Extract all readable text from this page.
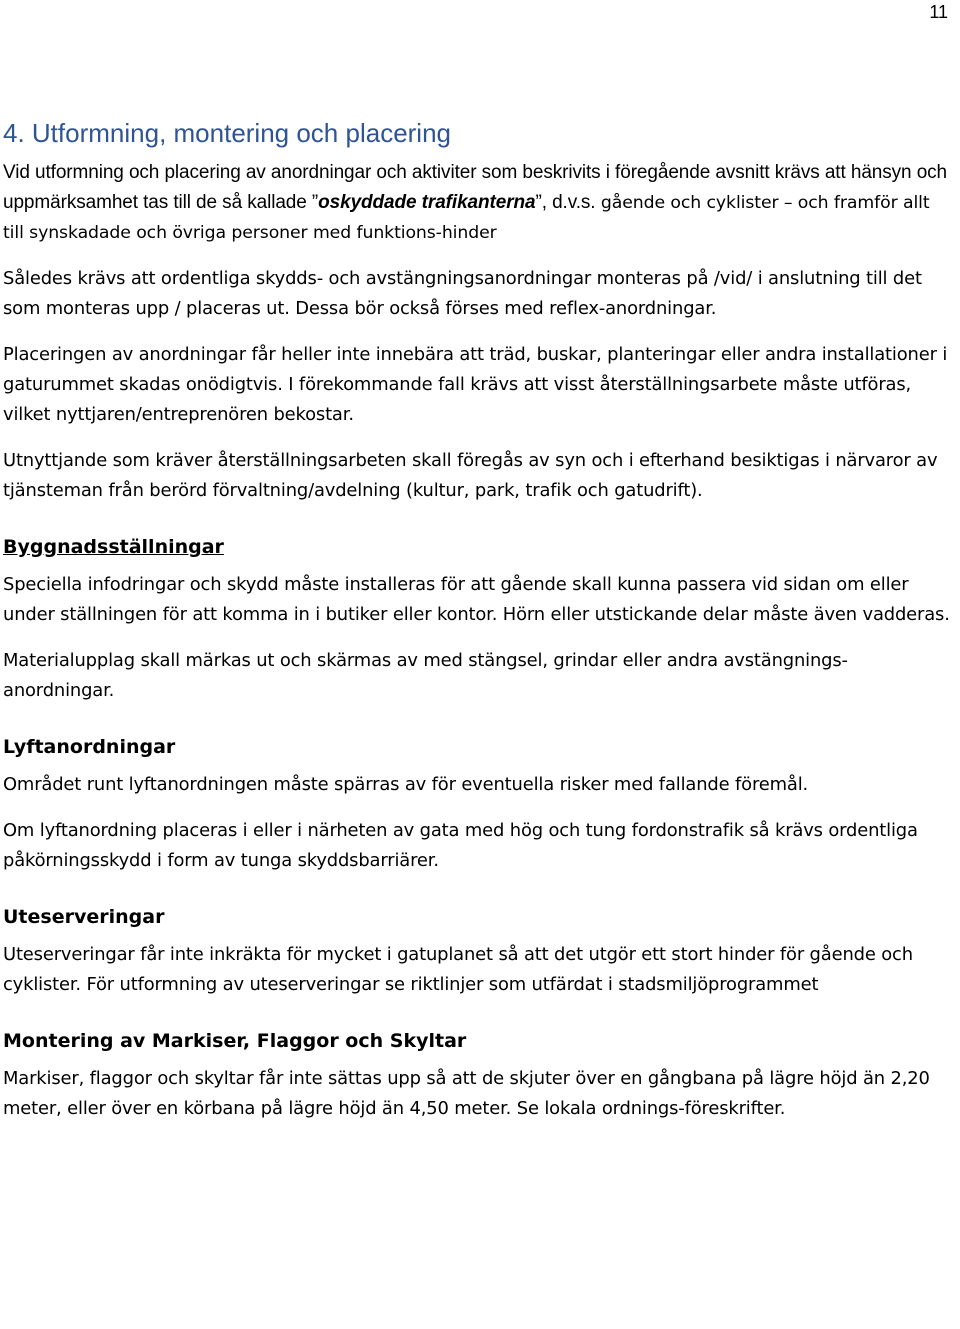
11
4. Utformning, montering och placering

Vid utformning och placering av anordningar och aktiviter som beskrivits i föregående avsnitt krävs att hänsyn och uppmärksamhet tas till de så kallade ”oskyddade trafikanterna”, d.v.s. gående och cyklister – och framför allt till synskadade och övriga personer med funktions-hinder

Således krävs att ordentliga skydds- och avstängningsanordningar monteras på /vid/ i anslutning till det som monteras upp / placeras ut. Dessa bör också förses med reflex-anordningar.

Placeringen av anordningar får heller inte innebära att träd, buskar, planteringar eller andra installationer i gaturummet skadas onödigtvis. I förekommande fall krävs att visst återställningsarbete måste utföras, vilket nyttjaren/entreprenören bekostar.

Utnyttjande som kräver återställningsarbeten skall föregås av syn och i efterhand besiktigas i närvaror av tjänsteman från berörd förvaltning/avdelning (kultur, park, trafik och gatudrift).

Byggnadsställningar

Speciella infodringar och skydd måste installeras för att gående skall kunna passera vid sidan om eller under ställningen för att komma in i butiker eller kontor. Hörn eller utstickande delar måste även vadderas.

Materialupplag skall märkas ut och skärmas av med stängsel, grindar eller andra avstängnings-anordningar.

Lyftanordningar

Området runt lyftanordningen måste spärras av för eventuella risker med fallande föremål.

Om lyftanordning placeras i eller i närheten av gata med hög och tung fordonstrafik så krävs ordentliga påkörningsskydd i form av tunga skyddsbarriärer.

Uteserveringar

Uteserveringar får inte inkräkta för mycket i gatuplanet så att det utgör ett stort hinder för gående och cyklister. För utformning av uteserveringar se riktlinjer som utfärdat i stadsmiljöprogrammet

Montering av Markiser, Flaggor och Skyltar

Markiser, flaggor och skyltar får inte sättas upp så att de skjuter över en gångbana på lägre höjd än 2,20 meter, eller över en körbana på lägre höjd än 4,50 meter. Se lokala ordnings-föreskrifter.
